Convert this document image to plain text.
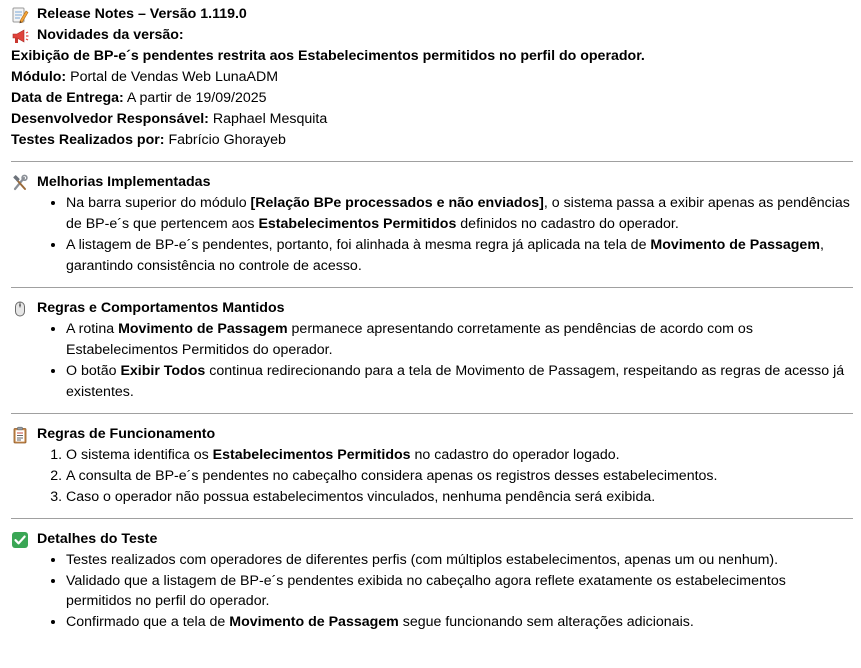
Release Notes – Versão 1.119.0
Novidades da versão:
Exibição de BP-e´s pendentes restrita aos Estabelecimentos permitidos no perfil do operador.
Módulo: Portal de Vendas Web LunaADM
Data de Entrega: A partir de 19/09/2025
Desenvolvedor Responsável: Raphael Mesquita
Testes Realizados por: Fabrício Ghorayeb
Melhorias Implementadas
• Na barra superior do módulo [Relação BPe processados e não enviados], o sistema passa a exibir apenas as pendências de BP-e´s que pertencem aos Estabelecimentos Permitidos definidos no cadastro do operador.
• A listagem de BP-e´s pendentes, portanto, foi alinhada à mesma regra já aplicada na tela de Movimento de Passagem, garantindo consistência no controle de acesso.
Regras e Comportamentos Mantidos
• A rotina Movimento de Passagem permanece apresentando corretamente as pendências de acordo com os Estabelecimentos Permitidos do operador.
• O botão Exibir Todos continua redirecionando para a tela de Movimento de Passagem, respeitando as regras de acesso já existentes.
Regras de Funcionamento
1. O sistema identifica os Estabelecimentos Permitidos no cadastro do operador logado.
2. A consulta de BP-e´s pendentes no cabeçalho considera apenas os registros desses estabelecimentos.
3. Caso o operador não possua estabelecimentos vinculados, nenhuma pendência será exibida.
Detalhes do Teste
• Testes realizados com operadores de diferentes perfis (com múltiplos estabelecimentos, apenas um ou nenhum).
• Validado que a listagem de BP-e´s pendentes exibida no cabeçalho agora reflete exatamente os estabelecimentos permitidos no perfil do operador.
• Confirmado que a tela de Movimento de Passagem segue funcionando sem alterações adicionais.
